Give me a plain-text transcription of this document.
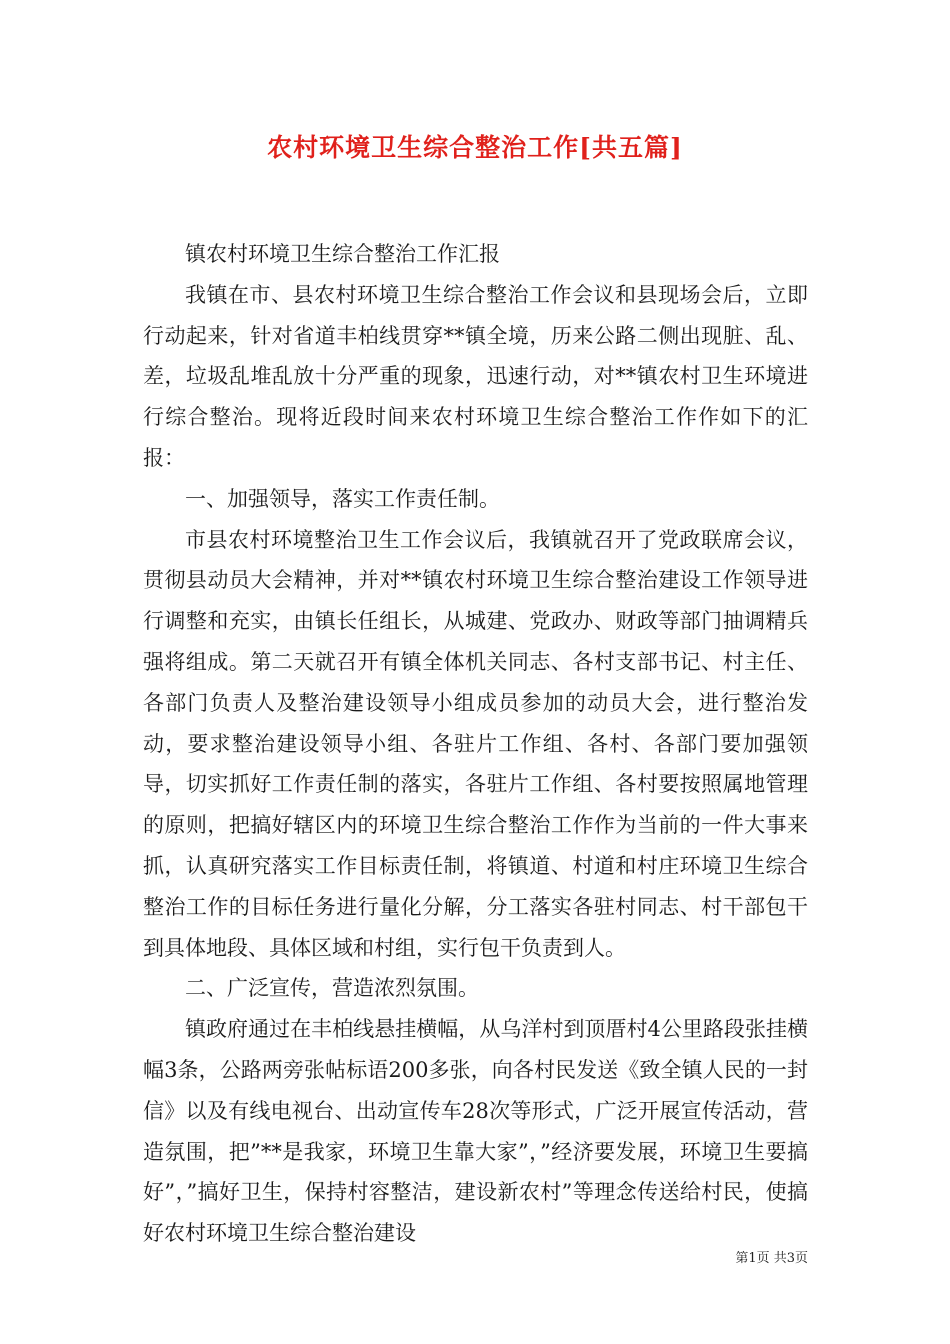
农村环境卫生综合整治工作[共五篇]

镇农村环境卫生综合整治工作汇报

我镇在市、县农村环境卫生综合整治工作会议和县现场会后，立即行动起来，针对省道丰柏线贯穿**镇全境，历来公路二侧出现脏、乱、差，垃圾乱堆乱放十分严重的现象，迅速行动，对**镇农村卫生环境进行综合整治。现将近段时间来农村环境卫生综合整治工作作如下的汇报：

一、加强领导，落实工作责任制。

市县农村环境整治卫生工作会议后，我镇就召开了党政联席会议，贯彻县动员大会精神，并对**镇农村环境卫生综合整治建设工作领导进行调整和充实，由镇长任组长，从城建、党政办、财政等部门抽调精兵强将组成。第二天就召开有镇全体机关同志、各村支部书记、村主任、各部门负责人及整治建设领导小组成员参加的动员大会，进行整治发动，要求整治建设领导小组、各驻片工作组、各村、各部门要加强领导，切实抓好工作责任制的落实，各驻片工作组、各村要按照属地管理的原则，把搞好辖区内的环境卫生综合整治工作作为当前的一件大事来抓，认真研究落实工作目标责任制，将镇道、村道和村庄环境卫生综合整治工作的目标任务进行量化分解，分工落实各驻村同志、村干部包干到具体地段、具体区域和村组，实行包干负责到人。

二、广泛宣传，营造浓烈氛围。

镇政府通过在丰柏线悬挂横幅，从乌洋村到顶厝村4公里路段张挂横幅3条，公路两旁张帖标语200多张，向各村民发送《致全镇人民的一封信》以及有线电视台、出动宣传车28次等形式，广泛开展宣传活动，营造氛围，把”**是我家，环境卫生靠大家”，”经济要发展，环境卫生要搞好”，”搞好卫生，保持村容整洁，建设新农村”等理念传送给村民，使搞好农村环境卫生综合整治建设

第1页 共3页
